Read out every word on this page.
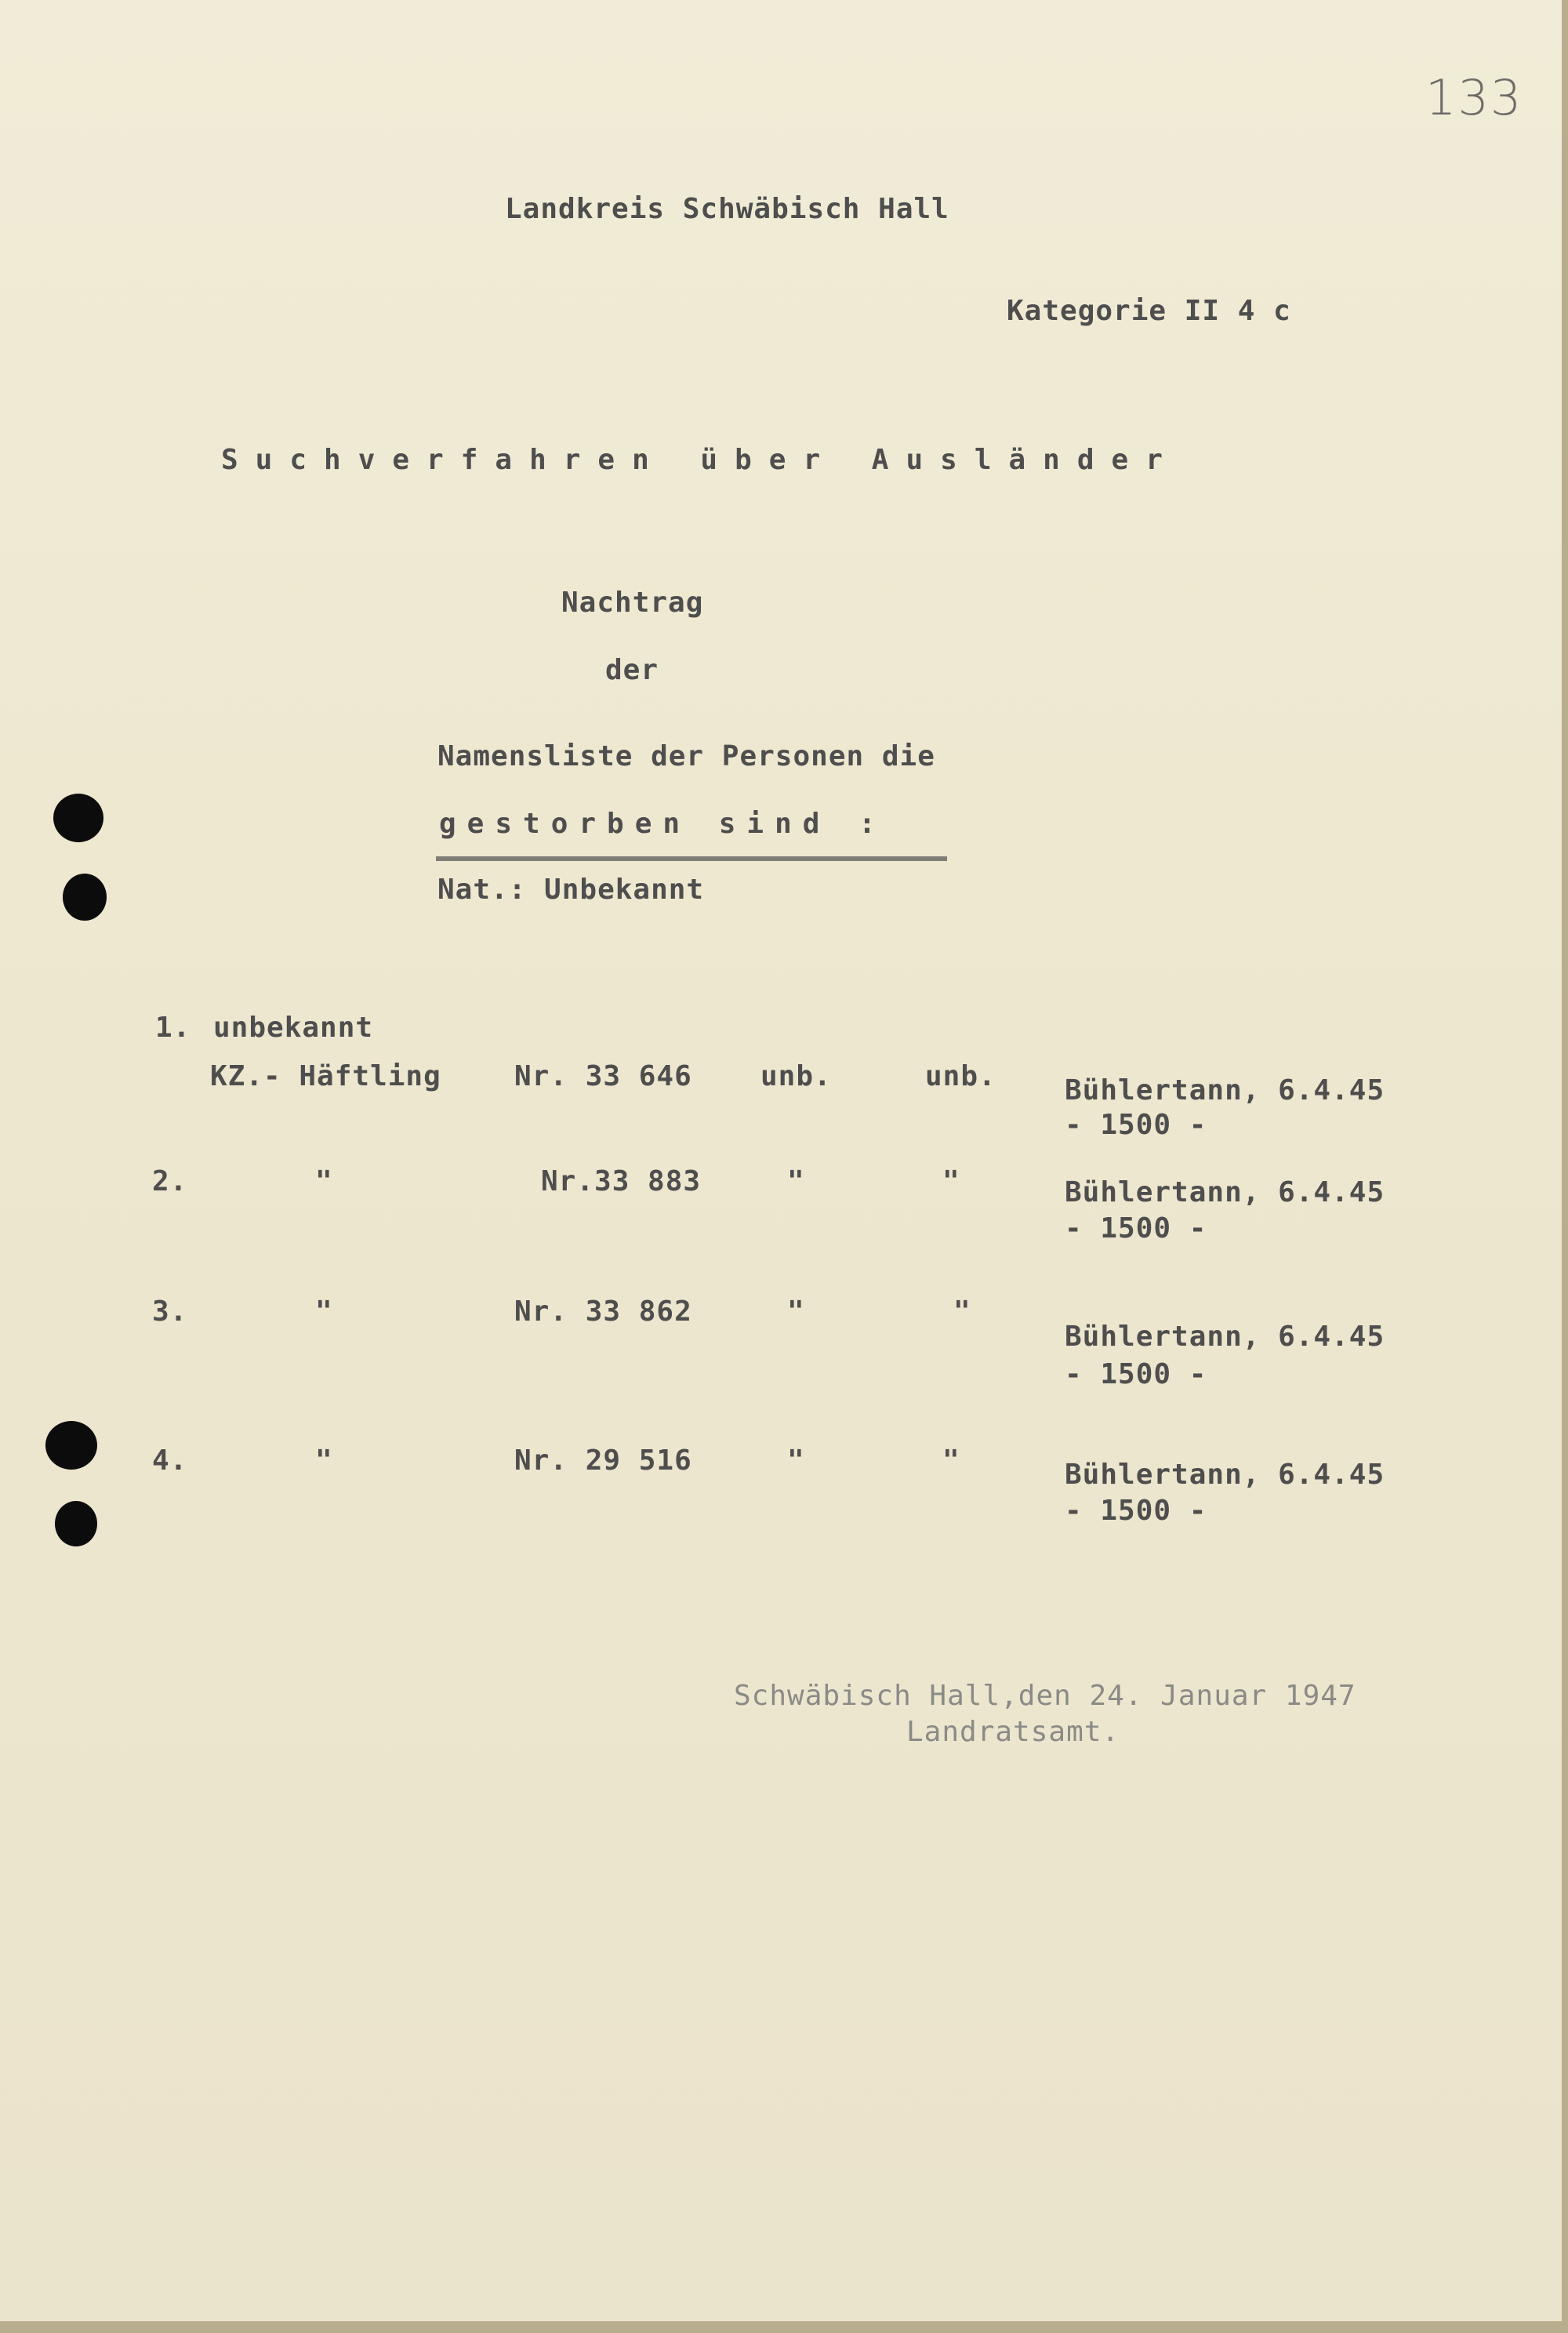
133
Landkreis Schwäbisch Hall
Kategorie II 4 c
Suchverfahren über Ausländer
Nachtrag
der
Namensliste der Personen die
gestorben sind :
Nat.: Unbekannt
1. unbekannt
KZ.- Häftling	Nr. 33 646 unb.	unb. Bühlertann, 6.4.45
- 1500 -
2.	"	Nr.33 883	"	"	Bühlertann, 6.4.45
- 1500 -
3.	"	Nr. 33 862	"	"
Bühlertann, 6.4.45
- 1500 -
4.	"	Nr. 29 516	"	"	Bühlertann, 6.4.45
- 1500 -
Schwäbisch Hall,den 24. Januar 1947
Landratsamt.
